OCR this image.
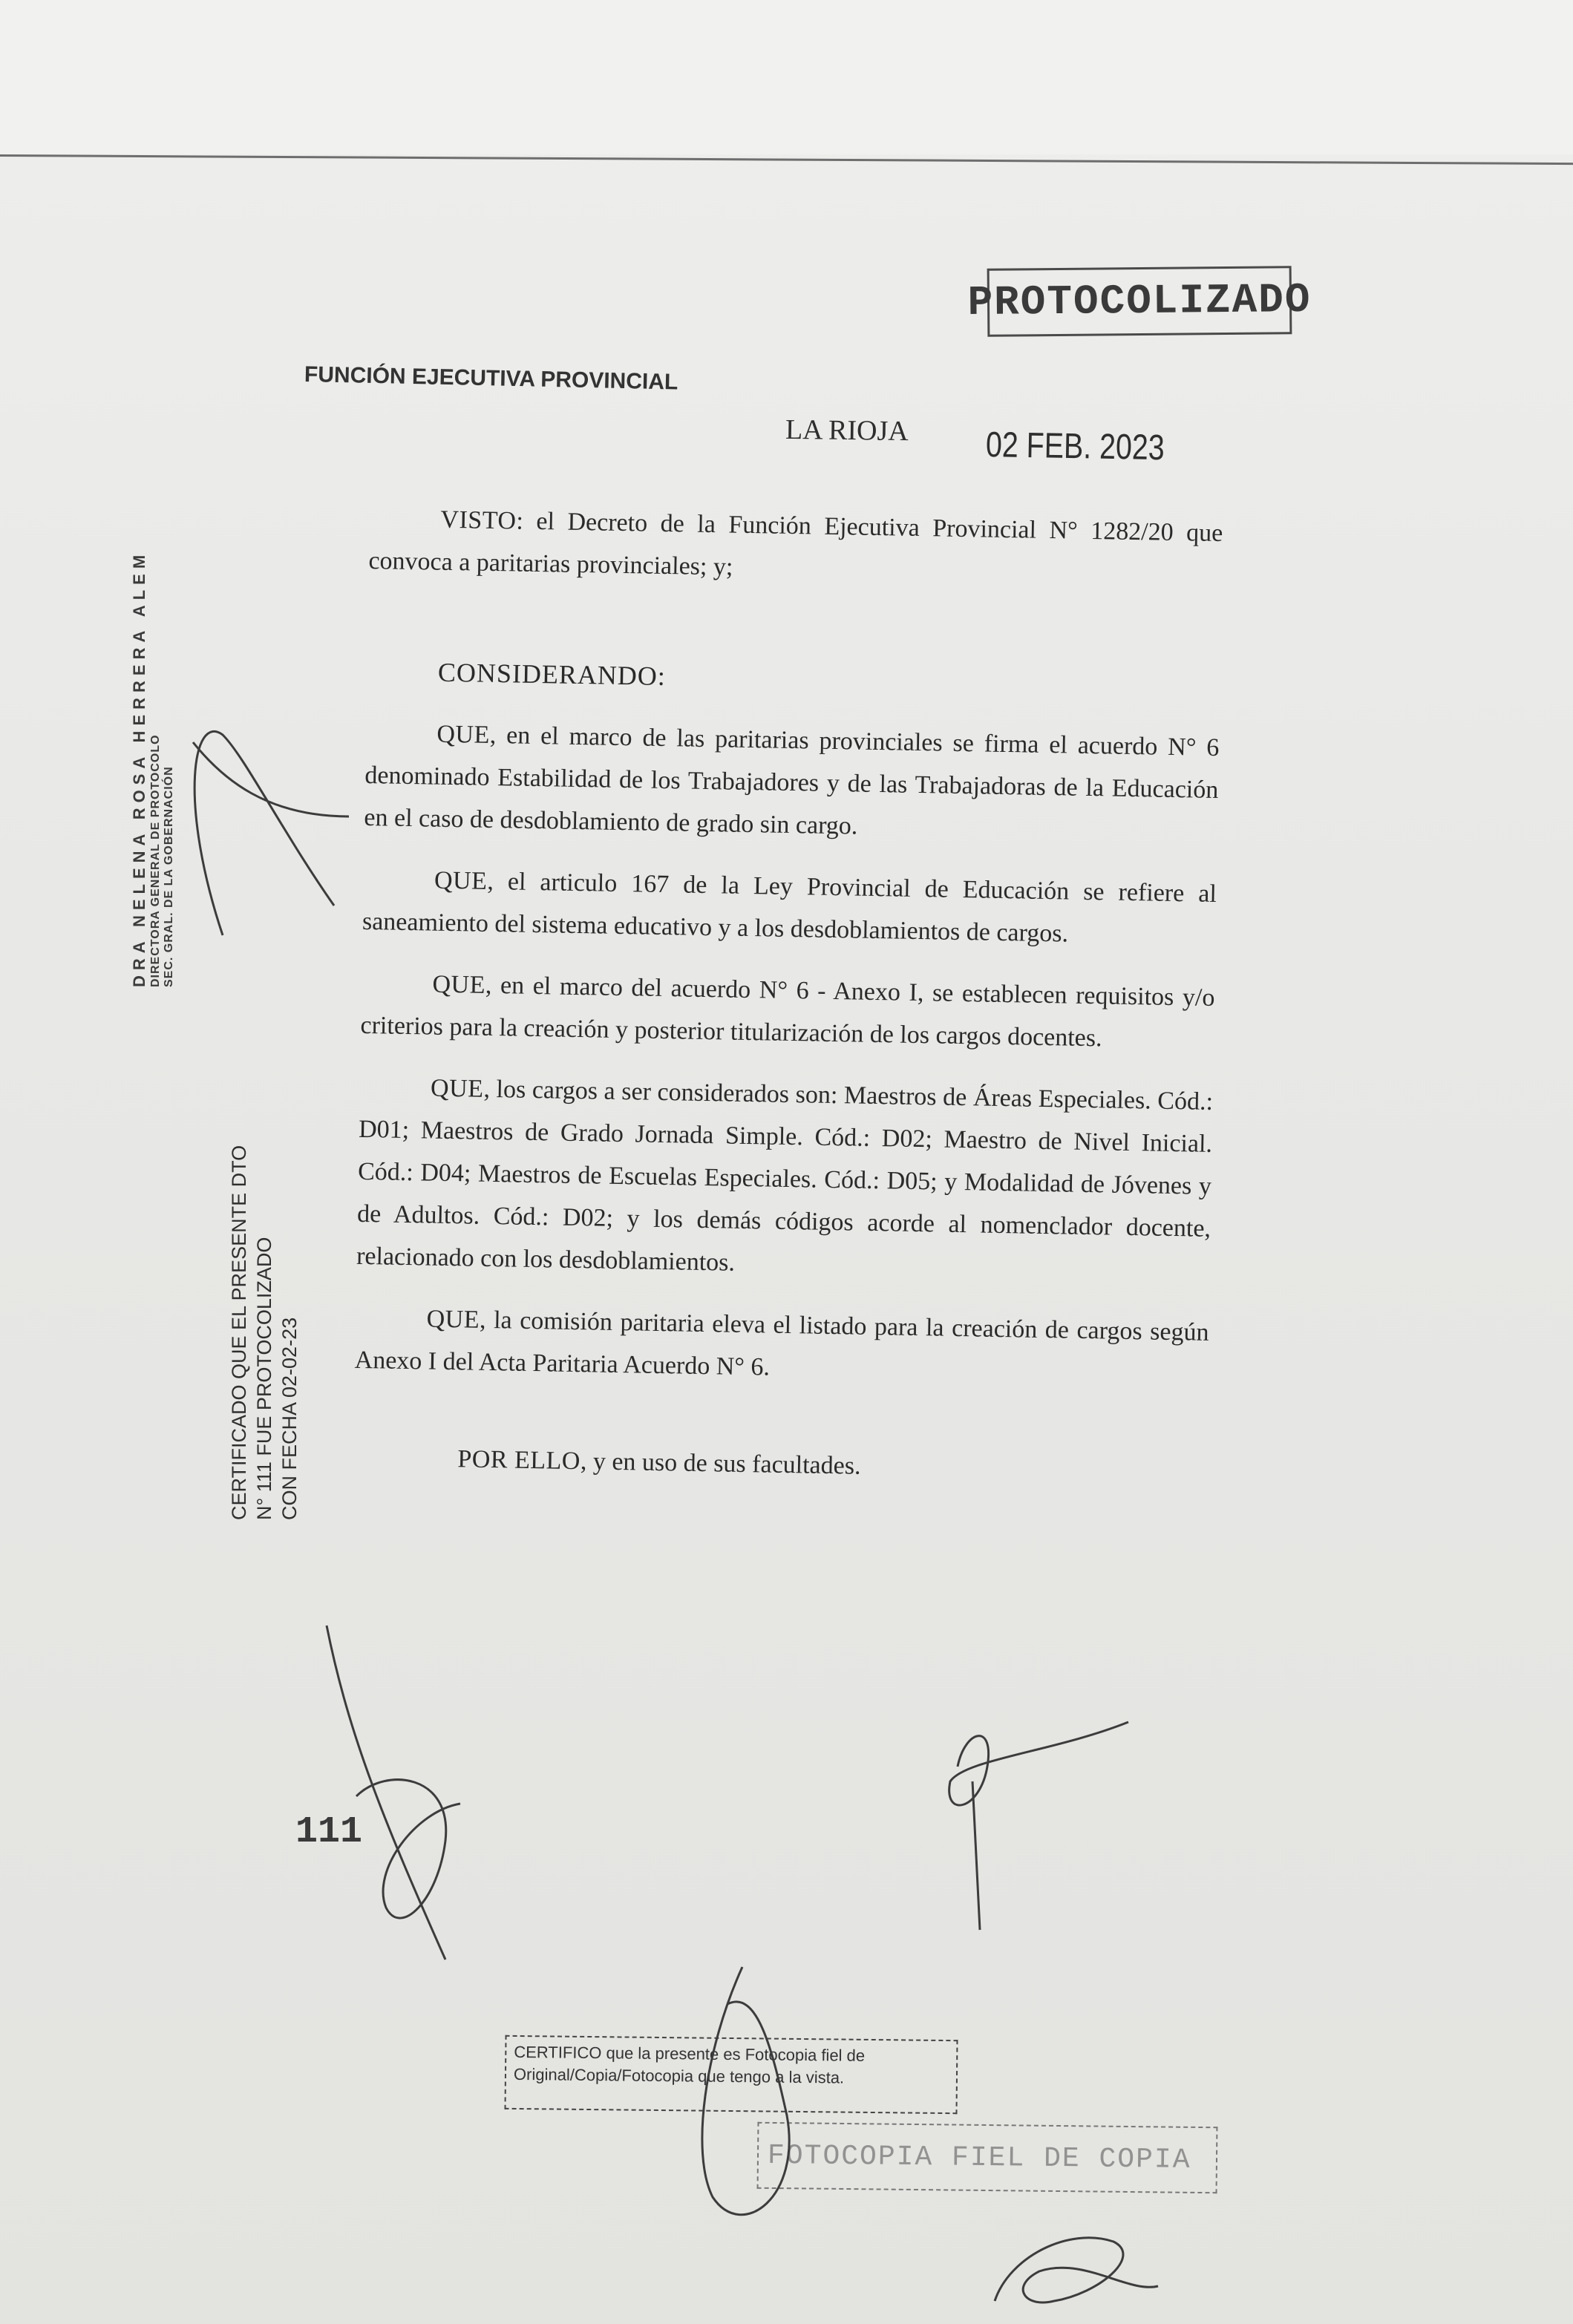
PROTOCOLIZADO
FUNCIÓN EJECUTIVA PROVINCIAL
LA RIOJA 02 FEB. 2023

VISTO: el Decreto de la Función Ejecutiva Provincial N° 1282/20 que convoca a paritarias provinciales; y;

CONSIDERANDO:

QUE, en el marco de las paritarias provinciales se firma el acuerdo N° 6 denominado Estabilidad de los Trabajadores y de las Trabajadoras de la Educación en el caso de desdoblamiento de grado sin cargo.

QUE, el articulo 167 de la Ley Provincial de Educación se refiere al saneamiento del sistema educativo y a los desdoblamientos de cargos.

QUE, en el marco del acuerdo N° 6 - Anexo I, se establecen requisitos y/o criterios para la creación y posterior titularización de los cargos docentes.

QUE, los cargos a ser considerados son: Maestros de Áreas Especiales. Cód.: D01; Maestros de Grado Jornada Simple. Cód.: D02; Maestro de Nivel Inicial. Cód.: D04; Maestros de Escuelas Especiales. Cód.: D05; y Modalidad de Jóvenes y de Adultos. Cód.: D02; y los demás códigos acorde al nomenclador docente, relacionado con los desdoblamientos.

QUE, la comisión paritaria eleva el listado para la creación de cargos según Anexo I del Acta Paritaria Acuerdo N° 6.

POR ELLO, y en uso de sus facultades.

DRA NELENA ROSA HERRERA ALEM DIRECTORA GENERAL DE PROTOCOLO SEC. GRAL. DE LA GOBERNACIÓN
CERTIFICADO QUE EL PRESENTE DTO N° 111 FUE PROTOCOLIZADO CON FECHA 02-02-23
111
CERTIFICO que la presente es Fotocopia fiel de
Original/Copia/Fotocopia que tengo a la vista.
FOTOCOPIA FIEL DE COPIA
